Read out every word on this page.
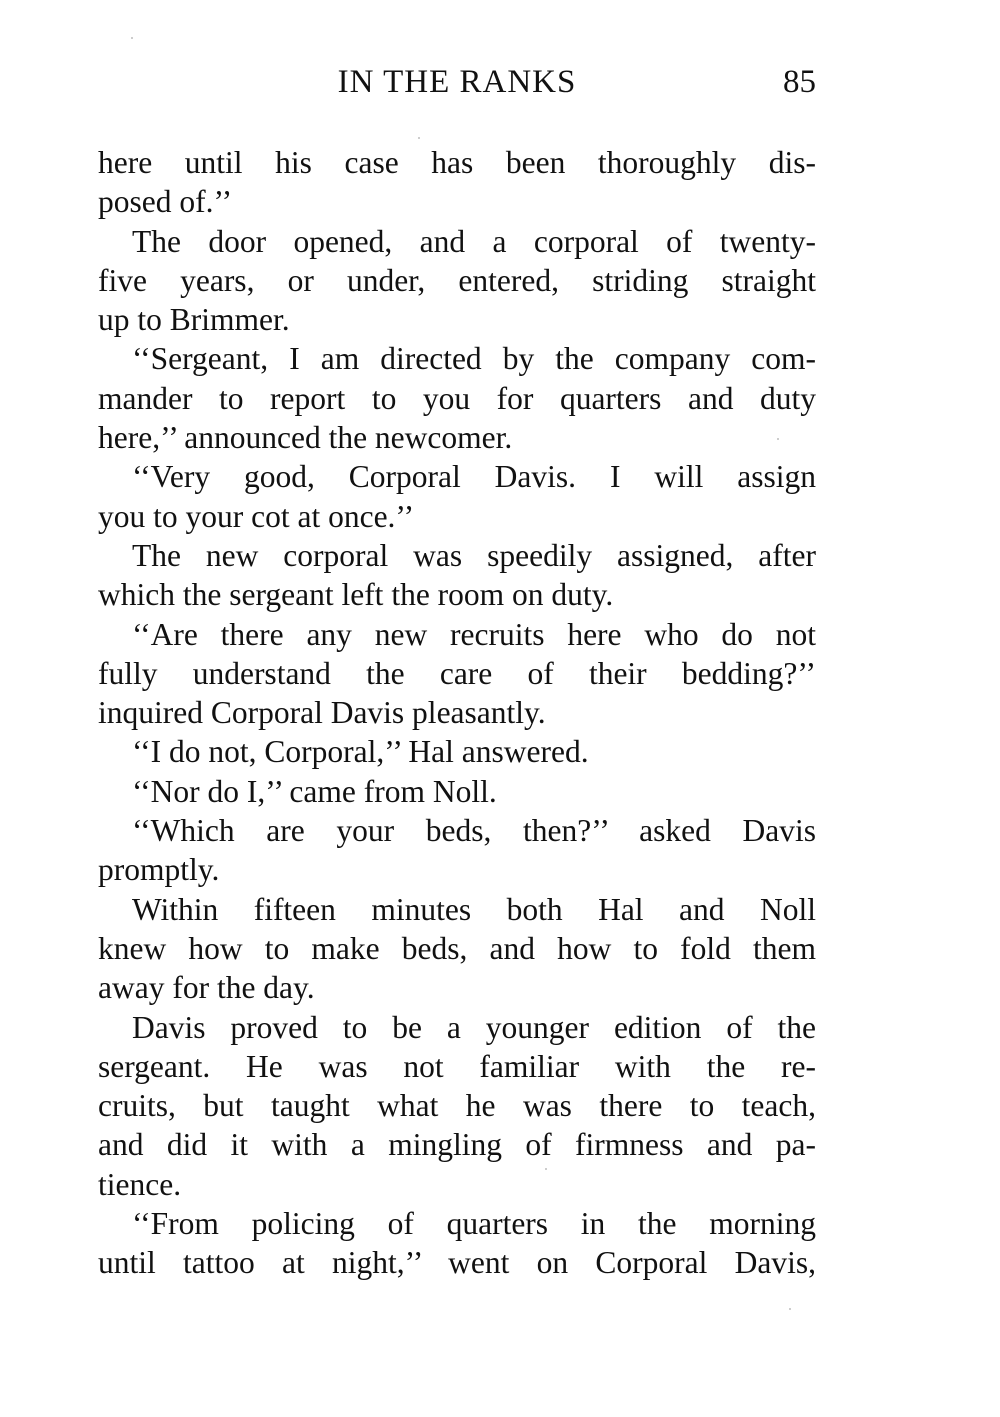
IN THE RANKS	85
here until his case has been thoroughly dis-
posed of.’’
The door opened, and a corporal of twenty-
five years, or under, entered, striding straight
up to Brimmer.
‘‘Sergeant, I am directed by the company com-
mander to report to you for quarters and duty
here,’’ announced the newcomer.
‘‘Very good, Corporal Davis. I will assign
you to your cot at once.’’
The new corporal was speedily assigned, after
which the sergeant left the room on duty.
‘‘Are there any new recruits here who do not
fully understand the care of their bedding?’’
inquired Corporal Davis pleasantly.
‘‘I do not, Corporal,’’ Hal answered.
‘‘Nor do I,’’ came from Noll.
‘‘Which are your beds, then?’’ asked Davis
promptly.
Within fifteen minutes both Hal and Noll
knew how to make beds, and how to fold them
away for the day.
Davis proved to be a younger edition of the
sergeant. He was not familiar with the re-
cruits, but taught what he was there to teach,
and did it with a mingling of firmness and pa-
tience.
‘‘From policing of quarters in the morning
until tattoo at night,’’ went on Corporal Davis,
